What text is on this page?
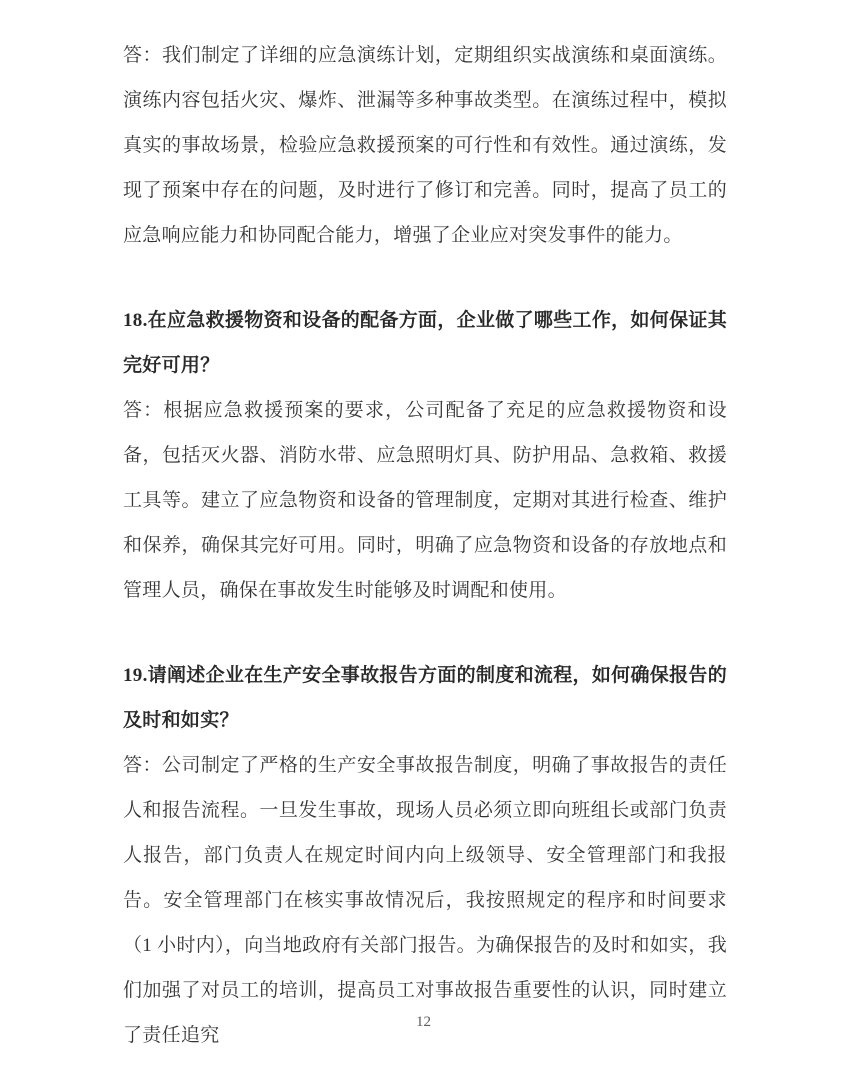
答：我们制定了详细的应急演练计划，定期组织实战演练和桌面演练。演练内容包括火灾、爆炸、泄漏等多种事故类型。在演练过程中，模拟真实的事故场景，检验应急救援预案的可行性和有效性。通过演练，发现了预案中存在的问题，及时进行了修订和完善。同时，提高了员工的应急响应能力和协同配合能力，增强了企业应对突发事件的能力。

18.在应急救援物资和设备的配备方面，企业做了哪些工作，如何保证其完好可用？

答：根据应急救援预案的要求，公司配备了充足的应急救援物资和设备，包括灭火器、消防水带、应急照明灯具、防护用品、急救箱、救援工具等。建立了应急物资和设备的管理制度，定期对其进行检查、维护和保养，确保其完好可用。同时，明确了应急物资和设备的存放地点和管理人员，确保在事故发生时能够及时调配和使用。

19.请阐述企业在生产安全事故报告方面的制度和流程，如何确保报告的及时和如实？

答：公司制定了严格的生产安全事故报告制度，明确了事故报告的责任人和报告流程。一旦发生事故，现场人员必须立即向班组长或部门负责人报告，部门负责人在规定时间内向上级领导、安全管理部门和我报告。安全管理部门在核实事故情况后，我按照规定的程序和时间要求（1 小时内），向当地政府有关部门报告。为确保报告的及时和如实，我们加强了对员工的培训，提高员工对事故报告重要性的认识，同时建立了责任追究

12
